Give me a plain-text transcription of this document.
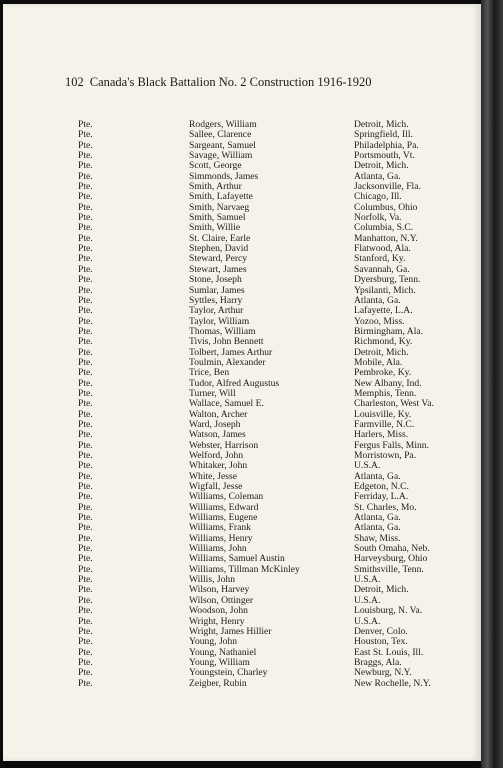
102 Canada's Black Battalion No. 2 Construction 1916-1920
Pte.	Rodgers, William	Detroit, Mich.
Pte.	Sallee, Clarence	Springfield, Ill.
Pte.	Sargeant, Samuel	Philadelphia, Pa.
Pte.	Savage, William	Portsmouth, Vt.
Pte.	Scott, George	Detroit, Mich.
Pte.	Simmonds, James	Atlanta, Ga.
Pte.	Smith, Arthur	Jacksonville, Fla.
Pte.	Smith, Lafayette	Chicago, Ill.
Pte.	Smith, Narvaeg	Columbus, Ohio
Pte.	Smith, Samuel	Norfolk, Va.
Pte.	Smith, Willie	Columbia, S.C.
Pte.	St. Claire, Earle	Manhatton, N.Y.
Pte.	Stephen, David	Flatwood, Ala.
Pte.	Steward, Percy	Stanford, Ky.
Pte.	Stewart, James	Savannah, Ga.
Pte.	Stone, Joseph	Dyersburg, Tenn.
Pte.	Sumlar, James	Ypsilanti, Mich.
Pte.	Syttles, Harry	Atlanta, Ga.
Pte.	Taylor, Arthur	Lafayette, L.A.
Pte.	Taylor, William	Yozoo, Miss.
Pte.	Thomas, William	Birmingham, Ala.
Pte.	Tivis, John Bennett	Richmond, Ky.
Pte.	Tolbert, James Arthur	Detroit, Mich.
Pte.	Toulmin, Alexander	Mobile, Ala.
Pte.	Trice, Ben	Pembroke, Ky.
Pte.	Tudor, Alfred Augustus	New Albany, Ind.
Pte.	Turner, Will	Memphis, Tenn.
Pte.	Wallace, Samuel E.	Charleston, West Va.
Pte.	Walton, Archer	Louisville, Ky.
Pte.	Ward, Joseph	Farmville, N.C.
Pte.	Watson, James	Harlers, Miss.
Pte.	Webster, Harrison	Fergus Falls, Minn.
Pte.	Welford, John	Morristown, Pa.
Pte.	Whitaker, John	U.S.A.
Pte.	White, Jesse	Atlanta, Ga.
Pte.	Wigfall, Jesse	Edgeton, N.C.
Pte.	Williams, Coleman	Ferriday, L.A.
Pte.	Williams, Edward	St. Charles, Mo.
Pte.	Williams, Eugene	Atlanta, Ga.
Pte.	Williams, Frank	Atlanta, Ga.
Pte.	Williams, Henry	Shaw, Miss.
Pte.	Williams, John	South Omaha, Neb.
Pte.	Williams, Samuel Austin	Harveysburg, Ohio
Pte.	Williams, Tillman McKinley	Smithsville, Tenn.
Pte.	Willis, John	U.S.A.
Pte.	Wilson, Harvey	Detroit, Mich.
Pte.	Wilson, Ottinger	U.S.A.
Pte.	Woodson, John	Louisburg, N. Va.
Pte.	Wright, Henry	U.S.A.
Pte.	Wright, James Hillier	Denver, Colo.
Pte.	Young, John	Houston, Tex.
Pte.	Young, Nathaniel	East St. Louis, Ill.
Pte.	Young, William	Braggs, Ala.
Pte.	Youngstein, Charley	Newburg, N.Y.
Pte.	Zeigber, Rubin	New Rochelle, N.Y.
